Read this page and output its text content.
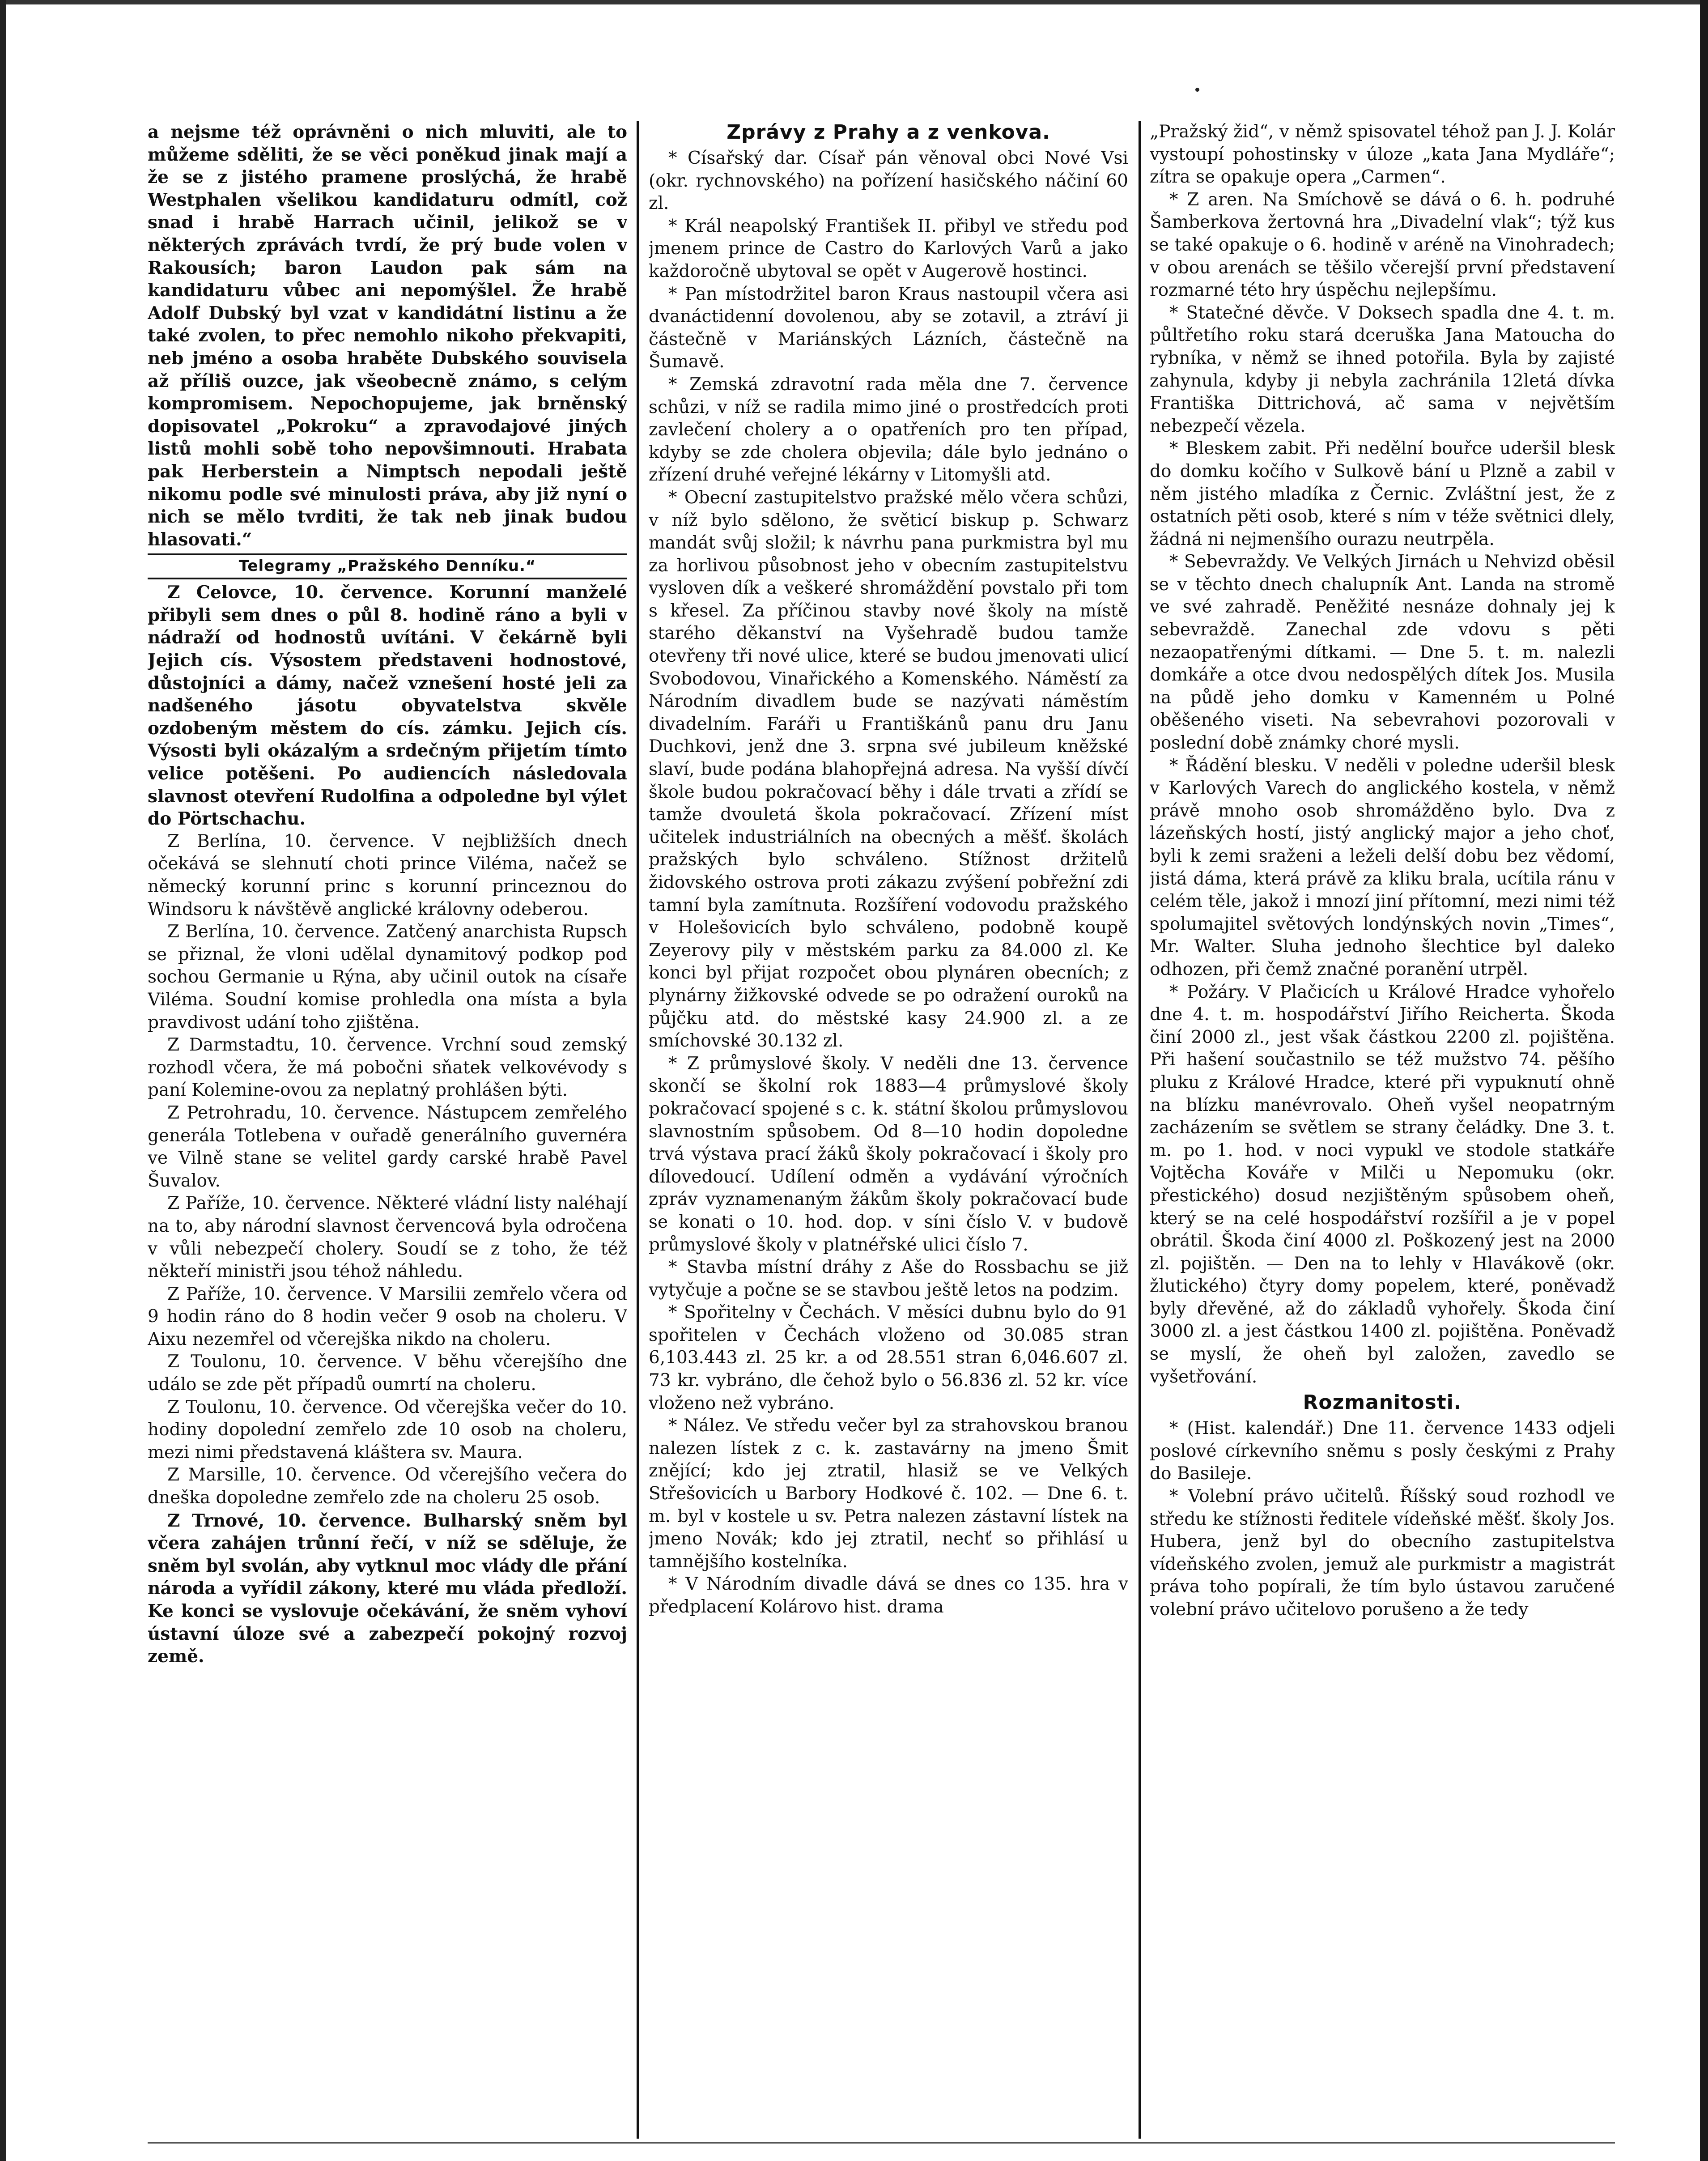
a nejsme též oprávněni o nich mluviti, ale to můžeme sděliti, že se věci poněkud jinak mají a že se z jistého pramene proslýchá, že hrabě Westphalen všelikou kandidaturu odmítl, což snad i hrabě Harrach učinil, jelikož se v některých zprávách tvrdí, že prý bude volen v Rakousích; baron Laudon pak sám na kandidaturu vůbec ani nepomýšlel. Že hrabě Adolf Dubský byl vzat v kandidátní listinu a že také zvolen, to přec nemohlo nikoho překvapiti, neb jméno a osoba hraběte Dubského souvisela až příliš ouzce, jak všeobecně známo, s celým kompromisem. Nepochopujeme, jak brněnský dopisovatel „Pokroku“ a zpravodajové jiných listů mohli sobě toho nepovšimnouti. Hrabata pak Herberstein a Nimptsch nepodali ještě nikomu podle své minulosti práva, aby již nyní o nich se mělo tvrditi, že tak neb jinak budou hlasovati.“

Telegramy „Pražského Denníku.“

Z Celovce, 10. července. Korunní manželé přibyli sem dnes o půl 8. hodině ráno a byli v nádraží od hodnostů uvítáni. V čekárně byli Jejich cís. Výsostem představeni hodnostové, důstojníci a dámy, načež vznešení hosté jeli za nadšeného jásotu obyvatelstva skvěle ozdobeným městem do cís. zámku. Jejich cís. Výsosti byli okázalým a srdečným přijetím tímto velice potěšeni. Po audiencích následovala slavnost otevření Rudolfina a odpoledne byl výlet do Pörtschachu.

Z Berlína, 10. července. V nejbližších dnech očekává se slehnutí choti prince Viléma, načež se německý korunní princ s korunní princeznou do Windsoru k návštěvě anglické královny odeberou.

Z Berlína, 10. července. Zatčený anarchista Rupsch se přiznal, že vloni udělal dynamitový podkop pod sochou Germanie u Rýna, aby učinil outok na císaře Viléma. Soudní komise prohledla ona místa a byla pravdivost udání toho zjištěna.

Z Darmstadtu, 10. července. Vrchní soud zemský rozhodl včera, že má pobočni sňatek velkovévody s paní Kolemine-ovou za neplatný prohlášen býti.

Z Petrohradu, 10. července. Nástupcem zemřelého generála Totlebena v ouřadě generálního guvernéra ve Vilně stane se velitel gardy carské hrabě Pavel Šuvalov.

Z Paříže, 10. července. Některé vládní listy naléhají na to, aby národní slavnost červencová byla odročena v vůli nebezpečí cholery. Soudí se z toho, že též někteří ministři jsou téhož náhledu.

Z Paříže, 10. července. V Marsilii zemřelo včera od 9 hodin ráno do 8 hodin večer 9 osob na choleru. V Aixu nezemřel od včerejška nikdo na choleru.

Z Toulonu, 10. července. V běhu včerejšího dne událo se zde pět případů oumrtí na choleru.

Z Toulonu, 10. července. Od včerejška večer do 10. hodiny dopolední zemřelo zde 10 osob na choleru, mezi nimi představená kláštera sv. Maura.

Z Marsille, 10. července. Od včerejšího večera do dneška dopoledne zemřelo zde na choleru 25 osob.

Z Trnové, 10. července. Bulharský sněm byl včera zahájen trůnní řečí, v níž se sděluje, že sněm byl svolán, aby vytknul moc vlády dle přání národa a vyřídil zákony, které mu vláda předloží. Ke konci se vyslovuje očekávání, že sněm vyhoví ústavní úloze své a zabezpečí pokojný rozvoj země.

Zprávy z Prahy a z venkova.

* Císařský dar. Císař pán věnoval obci Nové Vsi (okr. rychnovského) na pořízení hasičského náčiní 60 zl.

* Král neapolský František II. přibyl ve středu pod jmenem prince de Castro do Karlových Varů a jako každoročně ubytoval se opět v Augerově hostinci.

* Pan místodržitel baron Kraus nastoupil včera asi dvanáctidenní dovolenou, aby se zotavil, a ztráví ji částečně v Mariánských Lázních, částečně na Šumavě.

* Zemská zdravotní rada měla dne 7. července schůzi, v níž se radila mimo jiné o prostředcích proti zavlečení cholery a o opatřeních pro ten případ, kdyby se zde cholera objevila; dále bylo jednáno o zřízení druhé veřejné lékárny v Litomyšli atd.

* Obecní zastupitelstvo pražské mělo včera schůzi, v níž bylo sdělono, že světicí biskup p. Schwarz mandát svůj složil; k návrhu pana purkmistra byl mu za horlivou působnost jeho v obecním zastupitelstvu vysloven dík a veškeré shromáždění povstalo při tom s křesel. Za příčinou stavby nové školy na místě starého děkanství na Vyšehradě budou tamže otevřeny tři nové ulice, které se budou jmenovati ulicí Svobodovou, Vinařického a Komenského. Náměstí za Národním divadlem bude se nazývati náměstím divadelním. Faráři u Františkánů panu dru Janu Duchkovi, jenž dne 3. srpna své jubileum kněžské slaví, bude podána blahopřejná adresa. Na vyšší dívčí škole budou pokračovací běhy i dále trvati a zřídí se tamže dvouletá škola pokračovací. Zřízení míst učitelek industriálních na obecných a měšť. školách pražských bylo schváleno. Stížnost držitelů židovského ostrova proti zákazu zvýšení pobřežní zdi tamní byla zamítnuta. Rozšíření vodovodu pražského v Holešovicích bylo schváleno, podobně koupě Zeyerovy pily v městském parku za 84.000 zl. Ke konci byl přijat rozpočet obou plynáren obecních; z plynárny žižkovské odvede se po odražení ouroků na půjčku atd. do městské kasy 24.900 zl. a ze smíchovské 30.132 zl.

* Z průmyslové školy. V neděli dne 13. července skončí se školní rok 1883—4 průmyslové školy pokračovací spojené s c. k. státní školou průmyslovou slavnostním spůsobem. Od 8—10 hodin dopoledne trvá výstava prací žáků školy pokračovací i školy pro dílovedoucí. Udílení odměn a vydávání výročních zpráv vyznamenaným žákům školy pokračovací bude se konati o 10. hod. dop. v síni číslo V. v budově průmyslové školy v platnéřské ulici číslo 7.

* Stavba místní dráhy z Aše do Rossbachu se již vytyčuje a počne se se stavbou ještě letos na podzim.

* Spořitelny v Čechách. V měsíci dubnu bylo do 91 spořitelen v Čechách vloženo od 30.085 stran 6,103.443 zl. 25 kr. a od 28.551 stran 6,046.607 zl. 73 kr. vybráno, dle čehož bylo o 56.836 zl. 52 kr. více vloženo než vybráno.

* Nález. Ve středu večer byl za strahovskou branou nalezen lístek z c. k. zastavárny na jmeno Šmit znějící; kdo jej ztratil, hlasiž se ve Velkých Střešovicích u Barbory Hodkové č. 102. — Dne 6. t. m. byl v kostele u sv. Petra nalezen zástavní lístek na jmeno Novák; kdo jej ztratil, nechť so přihlásí u tamnějšího kostelníka.

* V Národním divadle dává se dnes co 135. hra v předplacení Kolárovo hist. drama

„Pražský žid“, v němž spisovatel téhož pan J. J. Kolár vystoupí pohostinsky v úloze „kata Jana Mydláře“; zítra se opakuje opera „Carmen“.

* Z aren. Na Smíchově se dává o 6. h. podruhé Šamberkova žertovná hra „Divadelní vlak“; týž kus se také opakuje o 6. hodině v aréně na Vinohradech; v obou arenách se těšilo včerejší první představení rozmarné této hry úspěchu nejlepšímu.

* Statečné děvče. V Doksech spadla dne 4. t. m. půltřetího roku stará dceruška Jana Matoucha do rybníka, v němž se ihned potořila. Byla by zajisté zahynula, kdyby ji nebyla zachránila 12letá dívka Františka Dittrichová, ač sama v největším nebezpečí vězela.

* Bleskem zabit. Při nedělní bouřce uderšil blesk do domku kočího v Sulkově bání u Plzně a zabil v něm jistého mladíka z Černic. Zvláštní jest, že z ostatních pěti osob, které s ním v téže světnici dlely, žádná ni nejmenšího ourazu neutrpěla.

* Sebevraždy. Ve Velkých Jirnách u Nehvizd oběsil se v těchto dnech chalupník Ant. Landa na stromě ve své zahradě. Peněžité nesnáze dohnaly jej k sebevraždě. Zanechal zde vdovu s pěti nezaopatřenými dítkami. — Dne 5. t. m. nalezli domkáře a otce dvou nedospělých dítek Jos. Musila na půdě jeho domku v Kamenném u Polné oběšeného viseti. Na sebevrahovi pozorovali v poslední době známky choré mysli.

* Řádění blesku. V neděli v poledne uderšil blesk v Karlových Varech do anglického kostela, v němž právě mnoho osob shromážděno bylo. Dva z lázeňských hostí, jistý anglický major a jeho choť, byli k zemi sraženi a leželi delší dobu bez vědomí, jistá dáma, která právě za kliku brala, ucítila ránu v celém těle, jakož i mnozí jiní přítomní, mezi nimi též spolumajitel světových londýnských novin „Times“, Mr. Walter. Sluha jednoho šlechtice byl daleko odhozen, při čemž značné poranění utrpěl.

* Požáry. V Plačicích u Králové Hradce vyhořelo dne 4. t. m. hospodářství Jiřího Reicherta. Škoda činí 2000 zl., jest však částkou 2200 zl. pojištěna. Při hašení součastnilo se též mužstvo 74. pěšího pluku z Králové Hradce, které při vypuknutí ohně na blízku manévrovalo. Oheň vyšel neopatrným zacházením se světlem se strany čeládky. Dne 3. t. m. po 1. hod. v noci vypukl ve stodole statkáře Vojtěcha Kováře v Milči u Nepomuku (okr. přestického) dosud nezjištěným spůsobem oheň, který se na celé hospodářství rozšířil a je v popel obrátil. Škoda činí 4000 zl. Poškozený jest na 2000 zl. pojištěn. — Den na to lehly v Hlavákově (okr. žlutického) čtyry domy popelem, které, poněvadž byly dřevěné, až do základů vyhořely. Škoda činí 3000 zl. a jest částkou 1400 zl. pojištěna. Poněvadž se myslí, že oheň byl založen, zavedlo se vyšetřování.

Rozmanitosti.

* (Hist. kalendář.) Dne 11. července 1433 odjeli poslové církevního sněmu s posly českými z Prahy do Basileje.

* Volební právo učitelů. Říšský soud rozhodl ve středu ke stížnosti ředitele vídeňské měšť. školy Jos. Hubera, jenž byl do obecního zastupitelstva vídeňského zvolen, jemuž ale purkmistr a magistrát práva toho popírali, že tím bylo ústavou zaručené volební právo učitelovo porušeno a že tedy
